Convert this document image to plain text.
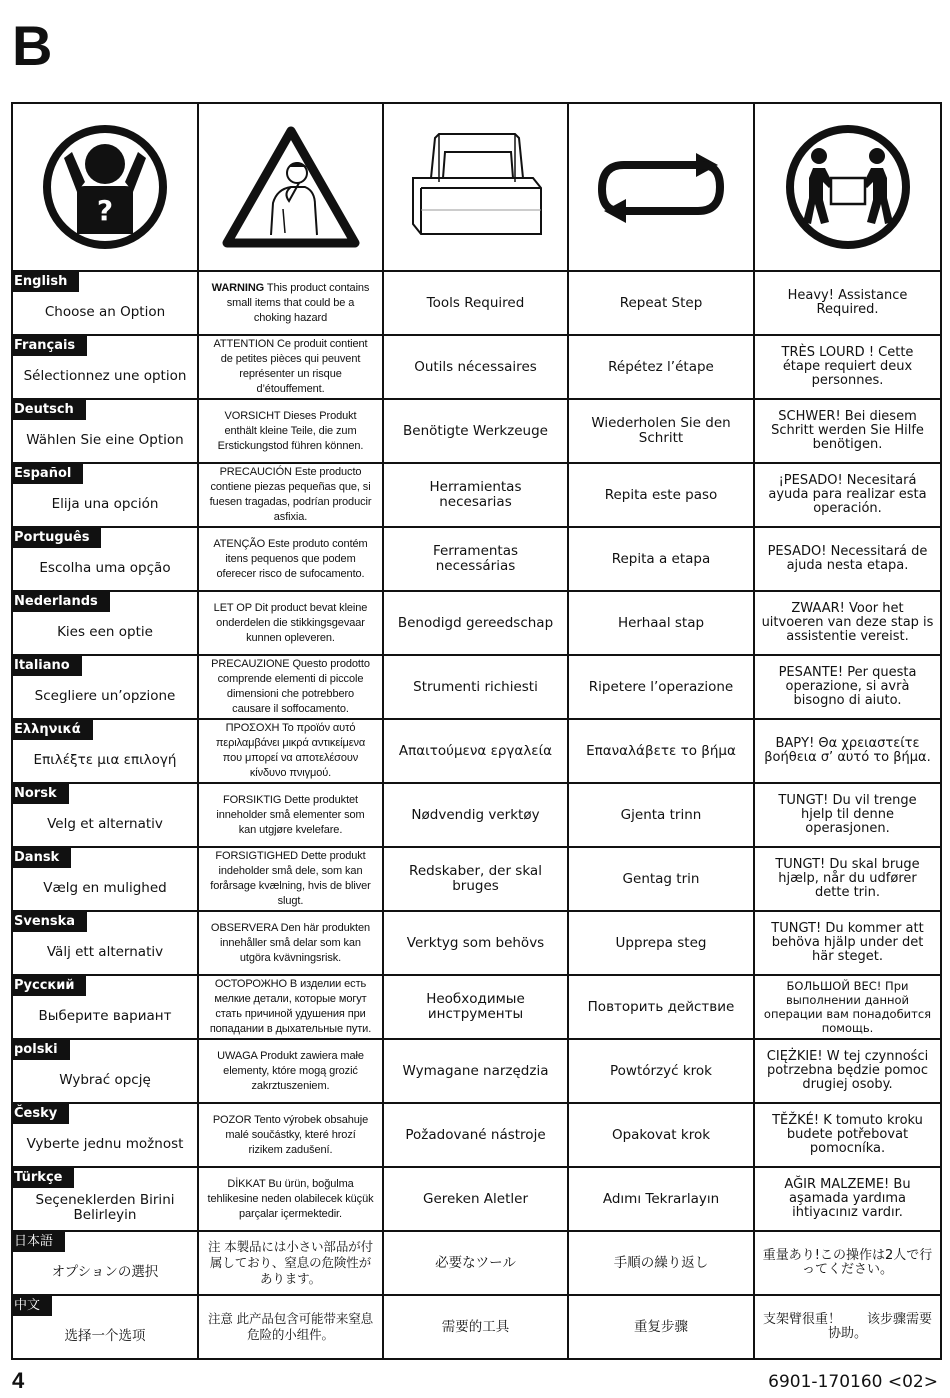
B
?

English
Choose an Option	WARNING This product contains small items that could be a choking hazard	Tools Required	Repeat Step	Heavy! Assistance Required.

Français
Sélectionnez une option	ATTENTION Ce produit contient de petites pièces qui peuvent représenter un risque d’étouffement.	Outils nécessaires	Répétez l’étape	TRÈS LOURD ! Cette étape requiert deux personnes.

Deutsch
Wählen Sie eine Option	VORSICHT Dieses Produkt enthält kleine Teile, die zum Erstickungstod führen können.	Benötigte Werkzeuge	Wiederholen Sie den Schritt	SCHWER! Bei diesem Schritt werden Sie Hilfe benötigen.

Español
Elija una opción	PRECAUCIÓN Este producto contiene piezas pequeñas que, si fuesen tragadas, podrían producir asfixia.	Herramientas necesarias	Repita este paso	¡PESADO! Necesitará ayuda para realizar esta operación.

Português
Escolha uma opção	ATENÇÃO Este produto contém itens pequenos que podem oferecer risco de sufocamento.	Ferramentas necessárias	Repita a etapa	PESADO! Necessitará de ajuda nesta etapa.

Nederlands
Kies een optie	LET OP Dit product bevat kleine onderdelen die stikkingsgevaar kunnen opleveren.	Benodigd gereedschap	Herhaal stap	ZWAAR! Voor het uitvoeren van deze stap is assistentie vereist.

Italiano
Scegliere un’opzione	PRECAUZIONE Questo prodotto comprende elementi di piccole dimensioni che potrebbero causare il soffocamento.	Strumenti richiesti	Ripetere l’operazione	PESANTE! Per questa operazione, si avrà bisogno di aiuto.

Ελληνικά
Επιλέξτε μια επιλογή	ΠΡΟΣΟΧΗ Το προϊόν αυτό περιλαμβάνει μικρά αντικείμενα που μπορεί να αποτελέσουν κίνδυνο πνιγμού.	Απαιτούμενα εργαλεία	Επαναλάβετε το βήμα	ΒΑΡΥ! Θα χρειαστείτε βοήθεια σ’ αυτό το βήμα.

Norsk
Velg et alternativ	FORSIKTIG Dette produktet inneholder små elementer som kan utgjøre kvelefare.	Nødvendig verktøy	Gjenta trinn	TUNGT! Du vil trenge hjelp til denne operasjonen.

Dansk
Vælg en mulighed	FORSIGTIGHED Dette produkt indeholder små dele, som kan forårsage kvælning, hvis de bliver slugt.	Redskaber, der skal bruges	Gentag trin	TUNGT! Du skal bruge hjælp, når du udfører dette trin.

Svenska
Välj ett alternativ	OBSERVERA Den här produkten innehåller små delar som kan utgöra kvävningsrisk.	Verktyg som behövs	Upprepa steg	TUNGT! Du kommer att behöva hjälp under det här steget.

Русский
Выберите вариант	ОСТОРОЖНО В изделии есть мелкие детали, которые могут стать причиной удушения при попадании в дыхательные пути.	Необходимые инструменты	Повторить действие	БОЛЬШОЙ ВЕС! При выполнении данной операции вам понадобится помощь.

polski
Wybrać opcję	UWAGA Produkt zawiera małe elementy, które mogą grozić zakrztuszeniem.	Wymagane narzędzia	Powtórzyć krok	CIĘŻKIE! W tej czynności potrzebna będzie pomoc drugiej osoby.

Česky
Vyberte jednu možnost	POZOR Tento výrobek obsahuje malé součástky, které hrozí rizikem zadušení.	Požadované nástroje	Opakovat krok	TĚŽKÉ! K tomuto kroku budete potřebovat pomocníka.

Türkçe
Seçeneklerden Birini Belirleyin	DİKKAT Bu ürün, boğulma tehlikesine neden olabilecek küçük parçalar içermektedir.	Gereken Aletler	Adımı Tekrarlayın	AĞIR MALZEME! Bu aşamada yardıma ihtiyacınız vardır.

日本語
オプションの選択	注 本製品には小さい部品が付属しており、窒息の危険性があります。	必要なツール	手順の繰り返し	重量あり!この操作は2人で行ってください。

中文
选择一个选项	注意 此产品包含可能带来窒息危险的小组件。	需要的工具	重复步骤	支架臂很重！　　该步骤需要协助。
4	6901-170160 <02>
